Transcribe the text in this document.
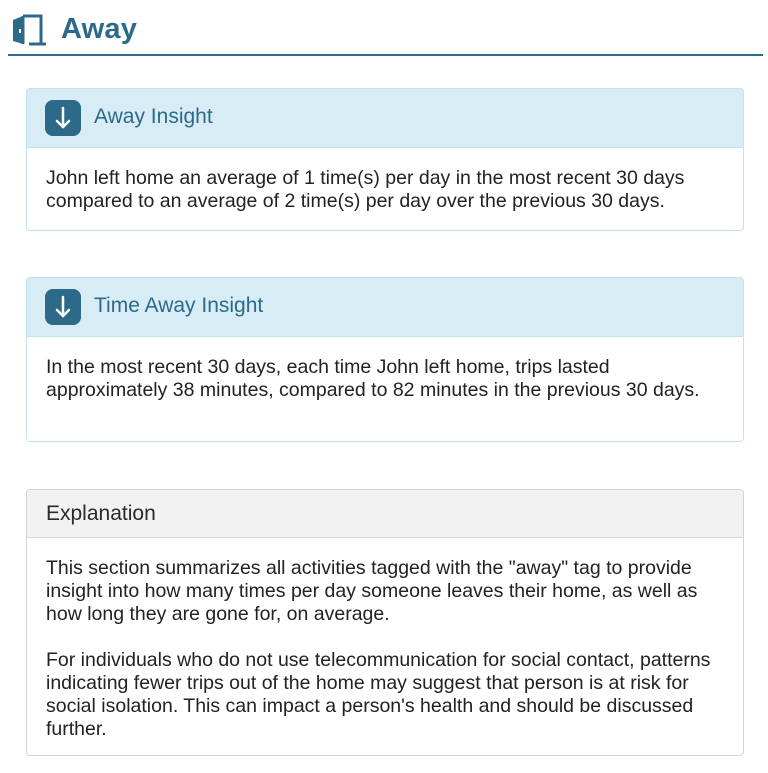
Away
Away Insight
John left home an average of 1 time(s) per day in the most recent 30 days compared to an average of 2 time(s) per day over the previous 30 days.
Time Away Insight
In the most recent 30 days, each time John left home, trips lasted approximately 38 minutes, compared to 82 minutes in the previous 30 days.
Explanation

This section summarizes all activities tagged with the "away" tag to provide insight into how many times per day someone leaves their home, as well as how long they are gone for, on average.

For individuals who do not use telecommunication for social contact, patterns indicating fewer trips out of the home may suggest that person is at risk for social isolation. This can impact a person's health and should be discussed further.
